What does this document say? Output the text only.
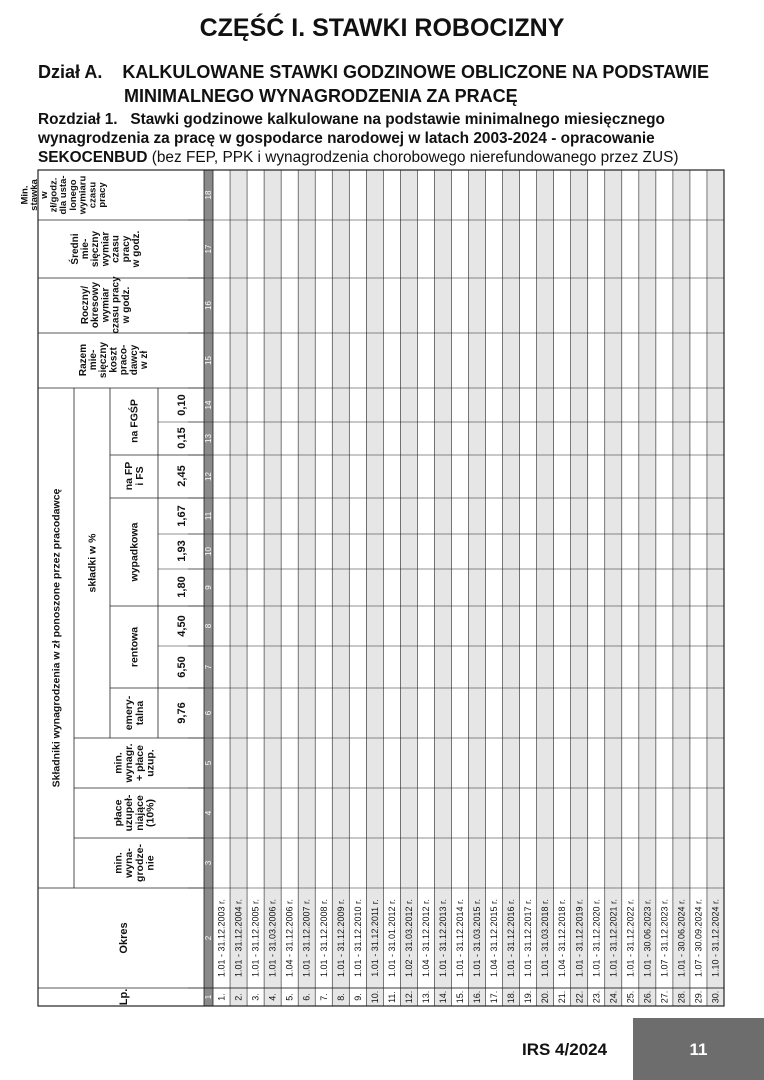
CZĘŚĆ I. STAWKI ROBOCIZNY
Dział A. KALKULOWANE STAWKI GODZINOWE OBLICZONE NA PODSTAWIE
MINIMALNEGO WYNAGRODZENIA ZA PRACĘ
Rozdział 1. Stawki godzinowe kalkulowane na podstawie minimalnego miesięcznego
wynagrodzenia za pracę w gospodarce narodowej w latach 2003-2024 - opracowanie
SEKOCENBUD (bez FEP, PPK i wynagrodzenia chorobowego nierefundowanego przez ZUS)
Min.stawkawzł/godz.dla usta-lonegowymiaruczasupracy
Średnimie-sięcznywymiarczasupracyw godz.
Roczny/okresowywymiarczasu pracyw godz.
Razemmie-sięcznykosztpraco-dawcyw zł
Składniki wynagrodzenia w zł ponoszone przez pracodawcę składki w %
na FGŚP
na FPi FS
wypadkowa
rentowa
emery-talna
min.wynagr.+ płaceuzup.
płaceuzupeł-niające(10%)
min.wyna-grodze-nie
Okres
Lp.
0,10
0,15
2,45
1,67
1,93
1,80
4,50
6,50
9,76
18
17
16
15
14
13
12
11
10
9
8
7
6
5
4
3
2
1 1.
1.01 - 31.12.2003 r.
2.
1.01 - 31.12.2004 r.
3.
1.01 - 31.12.2005 r.
4.
1.01 - 31.03.2006 r.
5.
1.04 - 31.12.2006 r.
6.
1.01 - 31.12.2007 r.
7.
1.01 - 31.12.2008 r.
8.
1.01 - 31.12.2009 r.
9.
1.01 - 31.12.2010 r.
10.
1.01 - 31.12.2011 r.
11.
1.01 - 31.01.2012 r.
12.
1.02 - 31.03.2012 r.
13.
1.04 - 31.12.2012 r.
14.
1.01 - 31.12.2013 r.
15.
1.01 - 31.12.2014 r.
16.
1.01 - 31.03.2015 r.
17.
1.04 - 31.12.2015 r.
18.
1.01 - 31.12.2016 r.
19.
1.01 - 31.12.2017 r.
20.
1.01 - 31.03.2018 r.
21.
1.04 - 31.12.2018 r.
22.
1.01 - 31.12.2019 r.
23.
1.01 - 31.12.2020 r.
24.
1.01 - 31.12.2021 r.
25.
1.01 - 31.12.2022 r.
26.
1.01 - 30.06.2023 r.
27.
1.07 - 31.12.2023 r.
28.
1.01 - 30.06.2024 r.
29.
1.07 - 30.09.2024 r.
30.
1.10 - 31.12.2024 r.
IRS 4/2024	11
